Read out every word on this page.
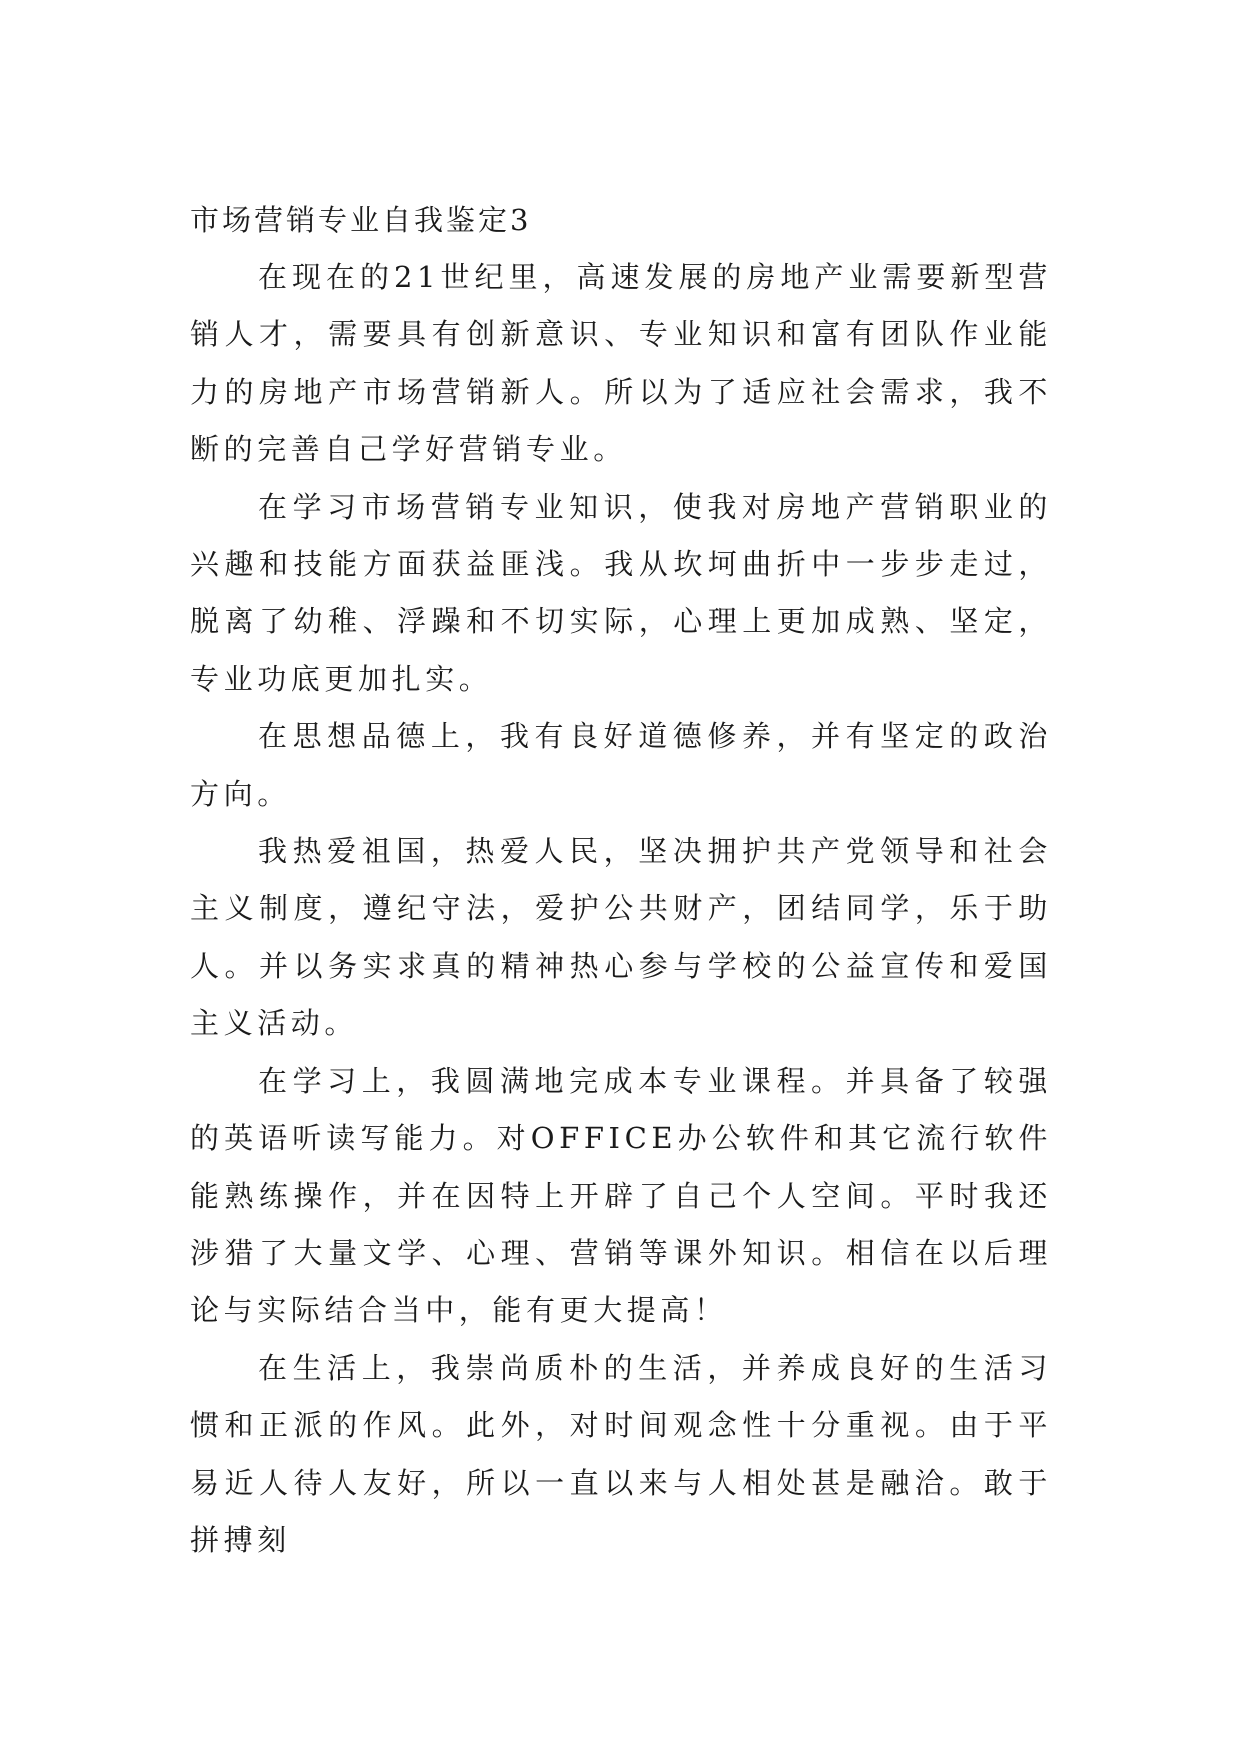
市场营销专业自我鉴定3

在现在的21世纪里，高速发展的房地产业需要新型营销人才，需要具有创新意识、专业知识和富有团队作业能力的房地产市场营销新人。所以为了适应社会需求，我不断的完善自己学好营销专业。

在学习市场营销专业知识，使我对房地产营销职业的兴趣和技能方面获益匪浅。我从坎坷曲折中一步步走过，脱离了幼稚、浮躁和不切实际，心理上更加成熟、坚定，专业功底更加扎实。

在思想品德上，我有良好道德修养，并有坚定的政治方向。

我热爱祖国，热爱人民，坚决拥护共产党领导和社会主义制度，遵纪守法，爱护公共财产，团结同学，乐于助人。并以务实求真的精神热心参与学校的公益宣传和爱国主义活动。

在学习上，我圆满地完成本专业课程。并具备了较强的英语听读写能力。对OFFICE办公软件和其它流行软件能熟练操作，并在因特上开辟了自己个人空间。平时我还涉猎了大量文学、心理、营销等课外知识。相信在以后理论与实际结合当中，能有更大提高！

在生活上，我崇尚质朴的生活，并养成良好的生活习惯和正派的作风。此外，对时间观念性十分重视。由于平易近人待人友好，所以一直以来与人相处甚是融洽。敢于拼搏刻
